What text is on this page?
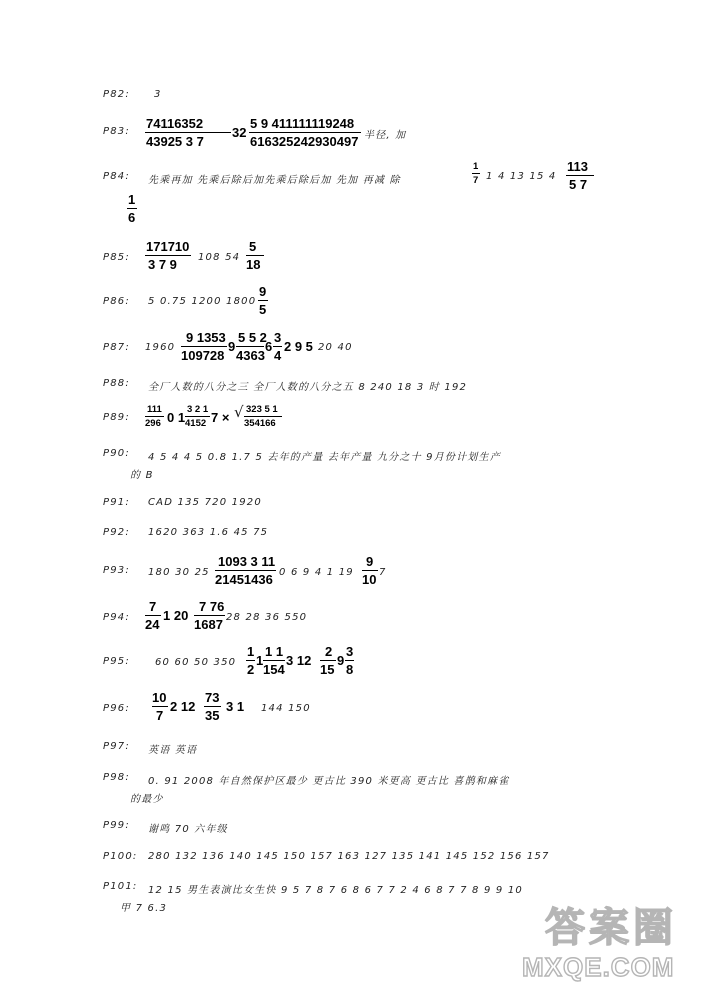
P82:
P83:
P84:
P85:
P86:
P87:
P88:
P89:
P90:
P91:
P92:
P93:
P94:
P95:
P96:
P97:
P98:
P99:
P100:
P101:
3
74116352
43925 3 7
32
5 9 411111119248
616325242930497 半径, 加
先乘再加 先乘后除后加先乘后除后加 先加 再减 除
1
7 1 4 13 15 4
113
5 7
1
6
171710
3 7 9 108 54
5
18
5 0.75 1200 1800
9
5
1960
9 1353
109728
9
5 5 2
4363
6
3
4
2 9 5 20 40
全厂人数的八分之三 全厂人数的八分之五 8 240 18 3 时 192
111
296 0 1
3 2 1
4152 7 × √ 323 5 1
354166
4 5 4 4 5 0.8 1.7 5 去年的产量 去年产量 九分之十 9月份计划生产
的 B
CAD 135 720 1920
1620 363 1.6 45 75
180 30 25
1093 3 11
21451436 0 6 9 4 1 19
9
10 7
7
24
1 20
7 76
1687 28 28 36 550
60 60 50 350
1
2
1
1 1
154
3 12
2
15
9
3
8
10
7
2 12
73
35
3 1 144 150
英语 英语
0. 91 2008 年自然保护区最少 更古比 390 米更高 更古比 喜鹊和麻雀
的最少
谢鸣 70 六年级
280 132 136 140 145 150 157 163 127 135 141 145 152 156 157
12 15 男生表演比女生快 9 5 7 8 7 6 8 6 7 7 2 4 6 8 7 7 8 9 9 10
甲 7 6.3	答案圈
MXQE.COM
